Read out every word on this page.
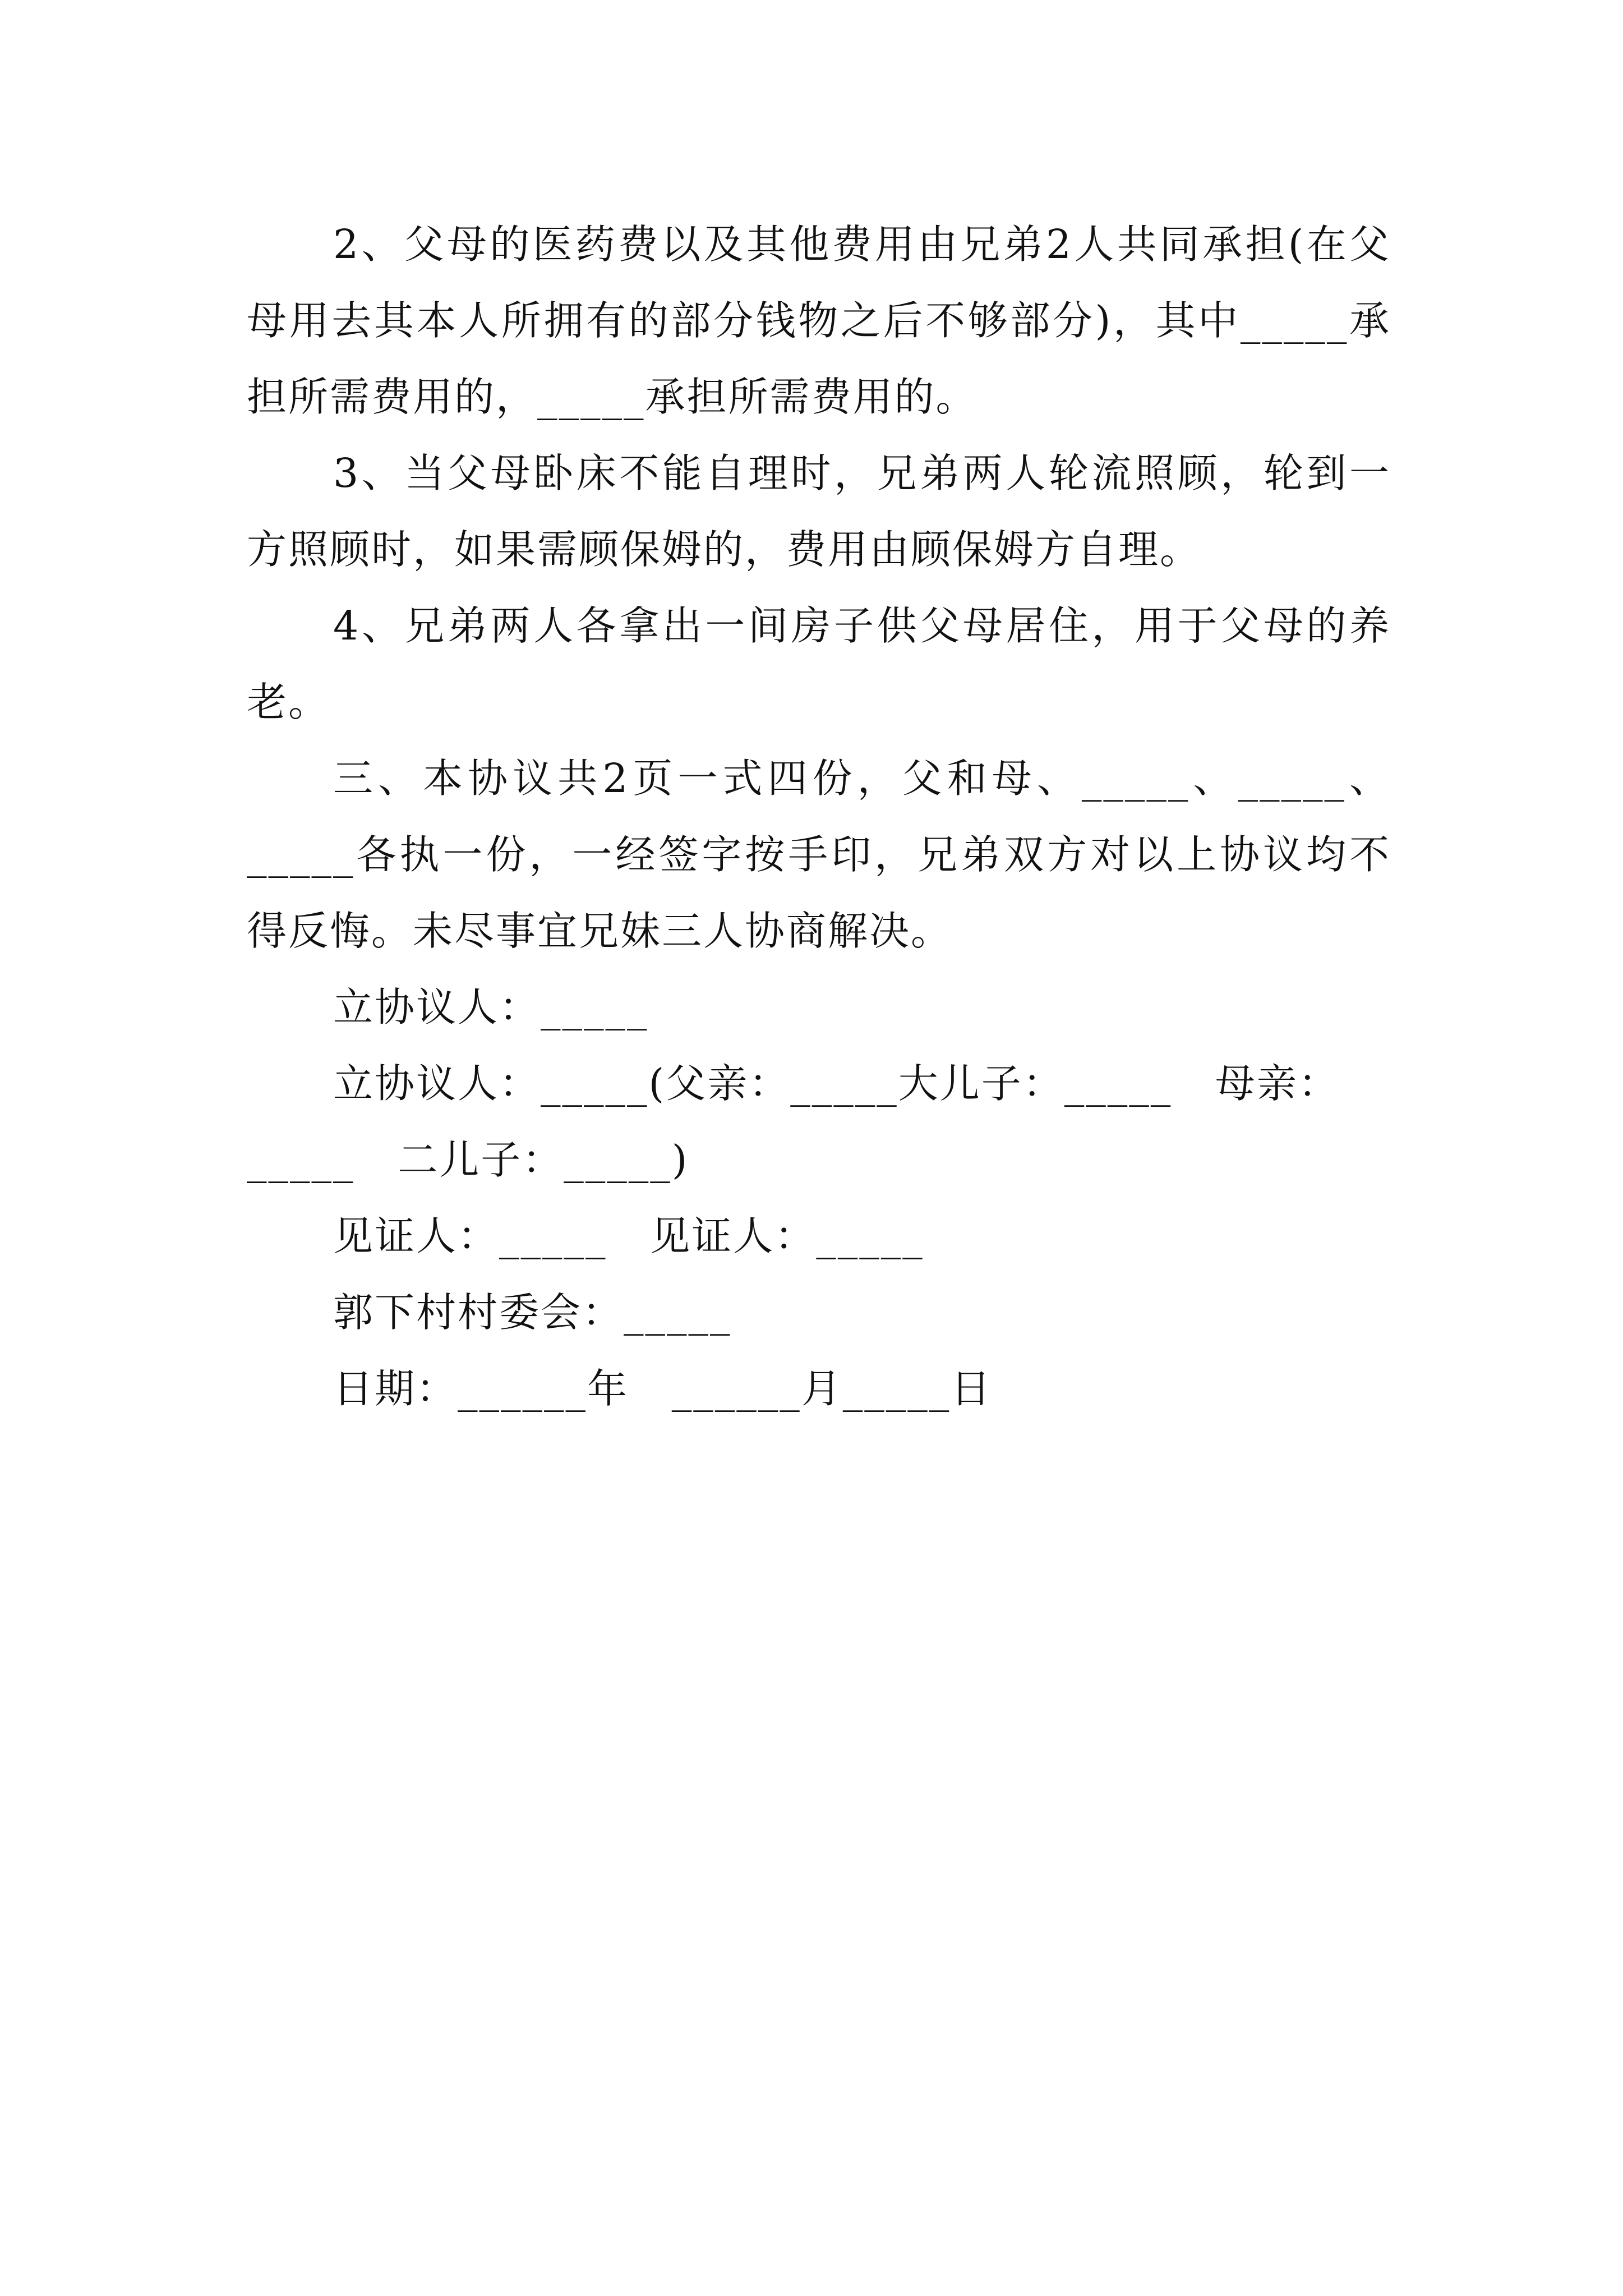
2、父母的医药费以及其他费用由兄弟2人共同承担(在父母用去其本人所拥有的部分钱物之后不够部分)，其中_____承担所需费用的，_____承担所需费用的。

3、当父母卧床不能自理时，兄弟两人轮流照顾，轮到一方照顾时，如果需顾保姆的，费用由顾保姆方自理。

4、兄弟两人各拿出一间房子供父母居住，用于父母的养老。

三、本协议共2页一式四份，父和母、_____、_____、_____各执一份，一经签字按手印，兄弟双方对以上协议均不得反悔。未尽事宜兄妹三人协商解决。

立协议人：_____

立协议人：_____(父亲：_____大儿子：_____   母亲：_____   二儿子：_____)

见证人：_____   见证人：_____

郭下村村委会：_____

日期：______年   ______月_____日
